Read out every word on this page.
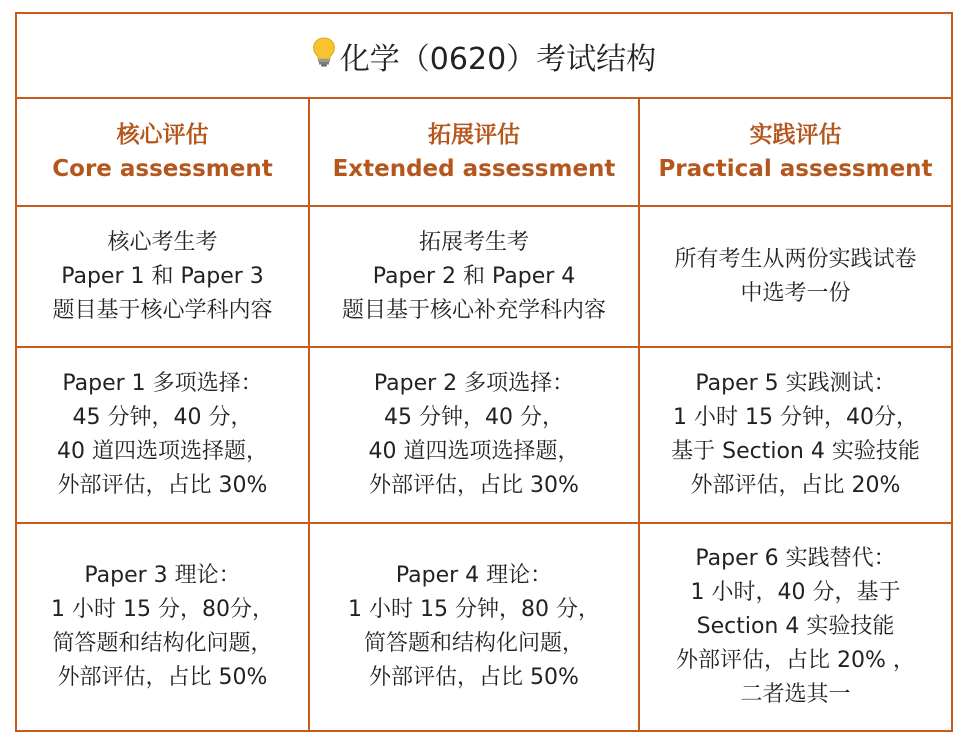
化学（0620）考试结构
核心评估
Core assessment
拓展评估
Extended assessment
实践评估
Practical assessment
核心考生考
Paper 1 和 Paper 3
题目基于核心学科内容
拓展考生考
Paper 2 和 Paper 4
题目基于核心补充学科内容
所有考生从两份实践试卷
中选考一份
Paper 1 多项选择：
45 分钟，40 分，
40 道四选项选择题，
外部评估，占比 30%
Paper 2 多项选择：
45 分钟，40 分，
40 道四选项选择题，
外部评估，占比 30%
Paper 5 实践测试：
1 小时 15 分钟，40分，
基于 Section 4 实验技能
外部评估，占比 20%
Paper 3 理论：
1 小时 15 分，80分，
简答题和结构化问题，
外部评估，占比 50%
Paper 4 理论：
1 小时 15 分钟，80 分，
简答题和结构化问题，
外部评估，占比 50%
Paper 6 实践替代：
1 小时，40 分，基于
Section 4 实验技能
外部评估，占比 20% ，
二者选其一
